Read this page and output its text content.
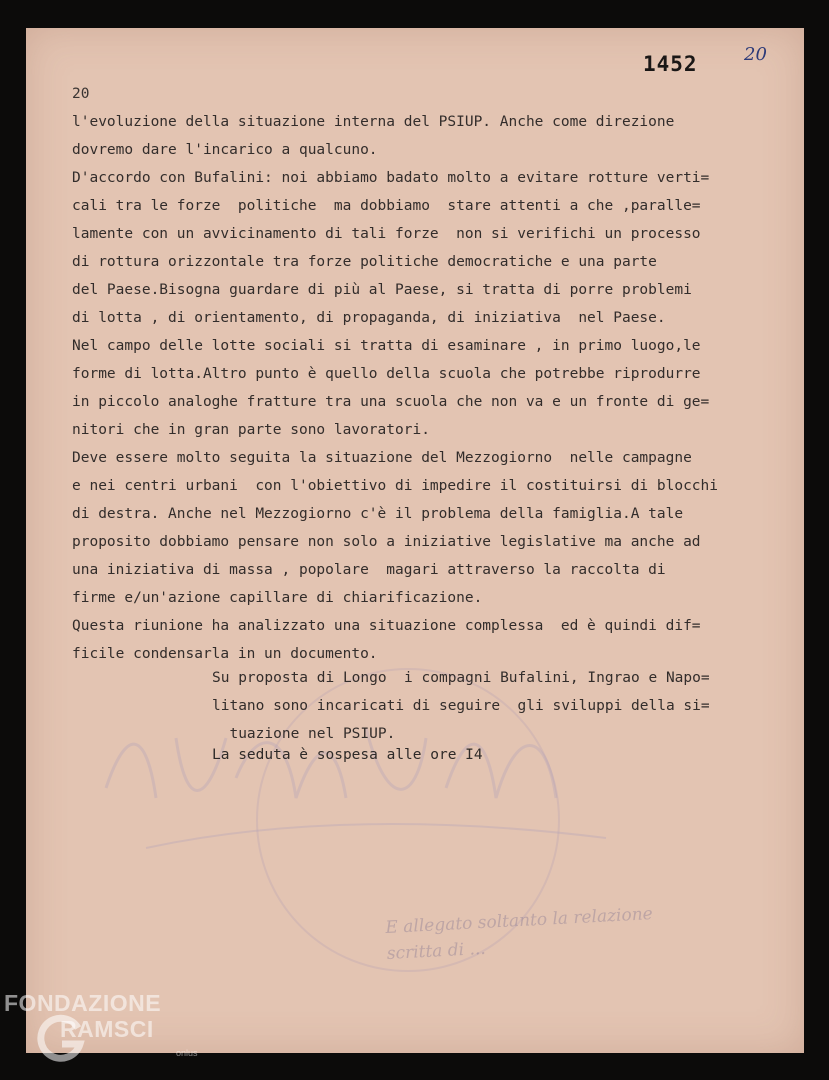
1452	20
20
l'evoluzione della situazione interna del PSIUP. Anche come direzione
dovremo dare l'incarico a qualcuno.
D'accordo con Bufalini: noi abbiamo badato molto a evitare rotture verti=
cali tra le forze  politiche  ma dobbiamo  stare attenti a che ,paralle=
lamente con un avvicinamento di tali forze  non si verifichi un processo
di rottura orizzontale tra forze politiche democratiche e una parte
del Paese.Bisogna guardare di più al Paese, si tratta di porre problemi
di lotta , di orientamento, di propaganda, di iniziativa  nel Paese.
Nel campo delle lotte sociali si tratta di esaminare , in primo luogo,le
forme di lotta.Altro punto è quello della scuola che potrebbe riprodurre
in piccolo analoghe fratture tra una scuola che non va e un fronte di ge=
nitori che in gran parte sono lavoratori.
Deve essere molto seguita la situazione del Mezzogiorno  nelle campagne
e nei centri urbani  con l'obiettivo di impedire il costituirsi di blocchi
di destra. Anche nel Mezzogiorno c'è il problema della famiglia.A tale
proposito dobbiamo pensare non solo a iniziative legislative ma anche ad
una iniziativa di massa , popolare  magari attraverso la raccolta di
firme e/un'azione capillare di chiarificazione.
Questa riunione ha analizzato una situazione complessa  ed è quindi dif=
ficile condensarla in un documento.
Su proposta di Longo  i compagni Bufalini, Ingrao e Napo=
litano sono incaricati di seguire  gli sviluppi della si=
tuazione nel PSIUP.
La seduta è sospesa alle ore I4
E allegato soltanto la relazione
scritta di ...
FONDAZIONE
RAMSCI
onlus
